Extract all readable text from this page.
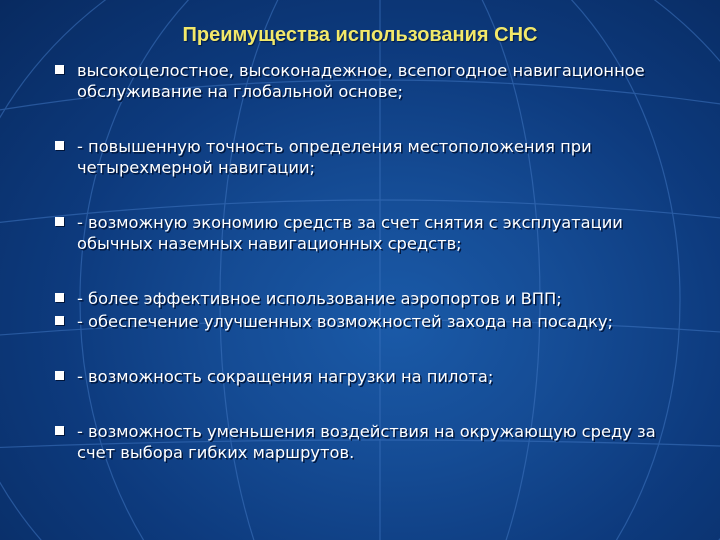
Преимущества использования СНС
высокоцелостное, высоконадежное, всепогодное навигационное обслуживание на глобальной основе;
- повышенную точность определения местоположения при четырехмерной навигации;
- возможную экономию средств за счет снятия с эксплуатации обычных наземных навигационных средств;
- более эффективное использование аэропортов и ВПП;
- обеспечение улучшенных возможностей захода на посадку;
- возможность сокращения нагрузки на пилота;
- возможность уменьшения воздействия на окружающую среду за счет выбора гибких маршрутов.
